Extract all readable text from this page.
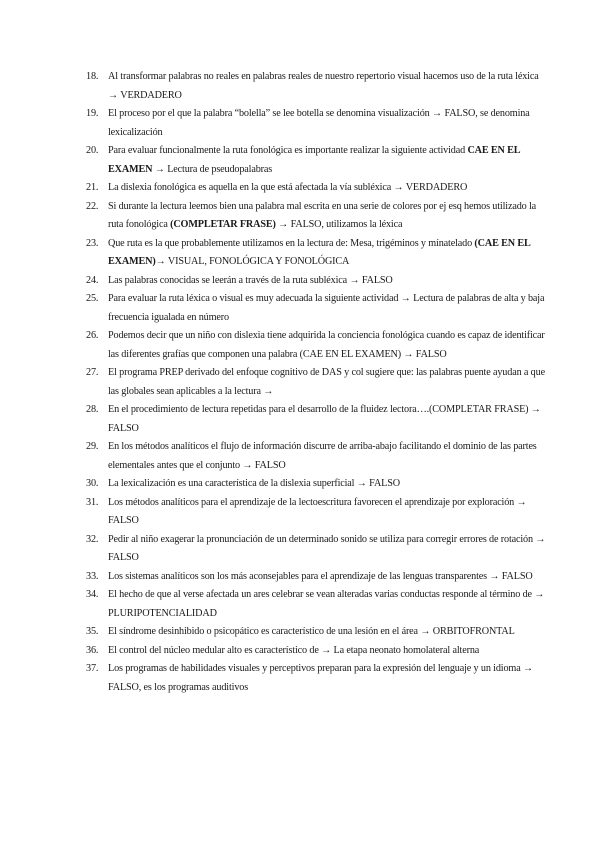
18. Al transformar palabras no reales en palabras reales de nuestro repertorio visual hacemos uso de la ruta léxica → VERDADERO
19. El proceso por el que la palabra “bolella” se lee botella se denomina visualización → FALSO, se denomina lexicalización
20. Para evaluar funcionalmente la ruta fonológica es importante realizar la siguiente actividad CAE EN EL EXAMEN → Lectura de pseudopalabras
21. La dislexia fonológica es aquella en la que está afectada la vía subléxica → VERDADERO
22. Si durante la lectura leemos bien una palabra mal escrita en una serie de colores por ej esq hemos utilizado la ruta fonológica (COMPLETAR FRASE) → FALSO, utilizamos la léxica
23. Que ruta es la que probablemente utilizamos en la lectura de: Mesa, trigéminos y mínatelado (CAE EN EL EXAMEN)→ VISUAL, FONOLÓGICA Y FONOLÓGICA
24. Las palabras conocidas se leerán a través de la ruta subléxica → FALSO
25. Para evaluar la ruta léxica o visual es muy adecuada la siguiente actividad → Lectura de palabras de alta y baja frecuencia igualada en número
26. Podemos decir que un niño con dislexia tiene adquirida la conciencia fonológica cuando es capaz de identificar las diferentes grafías que componen una palabra (CAE EN EL EXAMEN) → FALSO
27. El programa PREP derivado del enfoque cognitivo de DAS y col sugiere que: las palabras puente ayudan a que las globales sean aplicables a la lectura →
28. En el procedimiento de lectura repetidas para el desarrollo de la fluidez lectora….(COMPLETAR FRASE) → FALSO
29. En los métodos analíticos el flujo de información discurre de arriba-abajo facilitando el dominio de las partes elementales antes que el conjunto → FALSO
30. La lexicalización es una característica de la dislexia superficial → FALSO
31. Los métodos analíticos para el aprendizaje de la lectoescritura favorecen el aprendizaje por exploración → FALSO
32. Pedir al niño exagerar la pronunciación de un determinado sonido se utiliza para corregir errores de rotación → FALSO
33. Los sistemas analíticos son los más aconsejables para el aprendizaje de las lenguas transparentes → FALSO
34. El hecho de que al verse afectada un ares celebrar se vean alteradas varias conductas responde al término de → PLURIPOTENCIALIDAD
35. El síndrome desinhibido o psicopático es característico de una lesión en el área → ORBITOFRONTAL
36. El control del núcleo medular alto es característico de → La etapa neonato homolateral alterna
37. Los programas de habilidades visuales y perceptivos preparan para la expresión del lenguaje y un idioma → FALSO, es los programas auditivos
